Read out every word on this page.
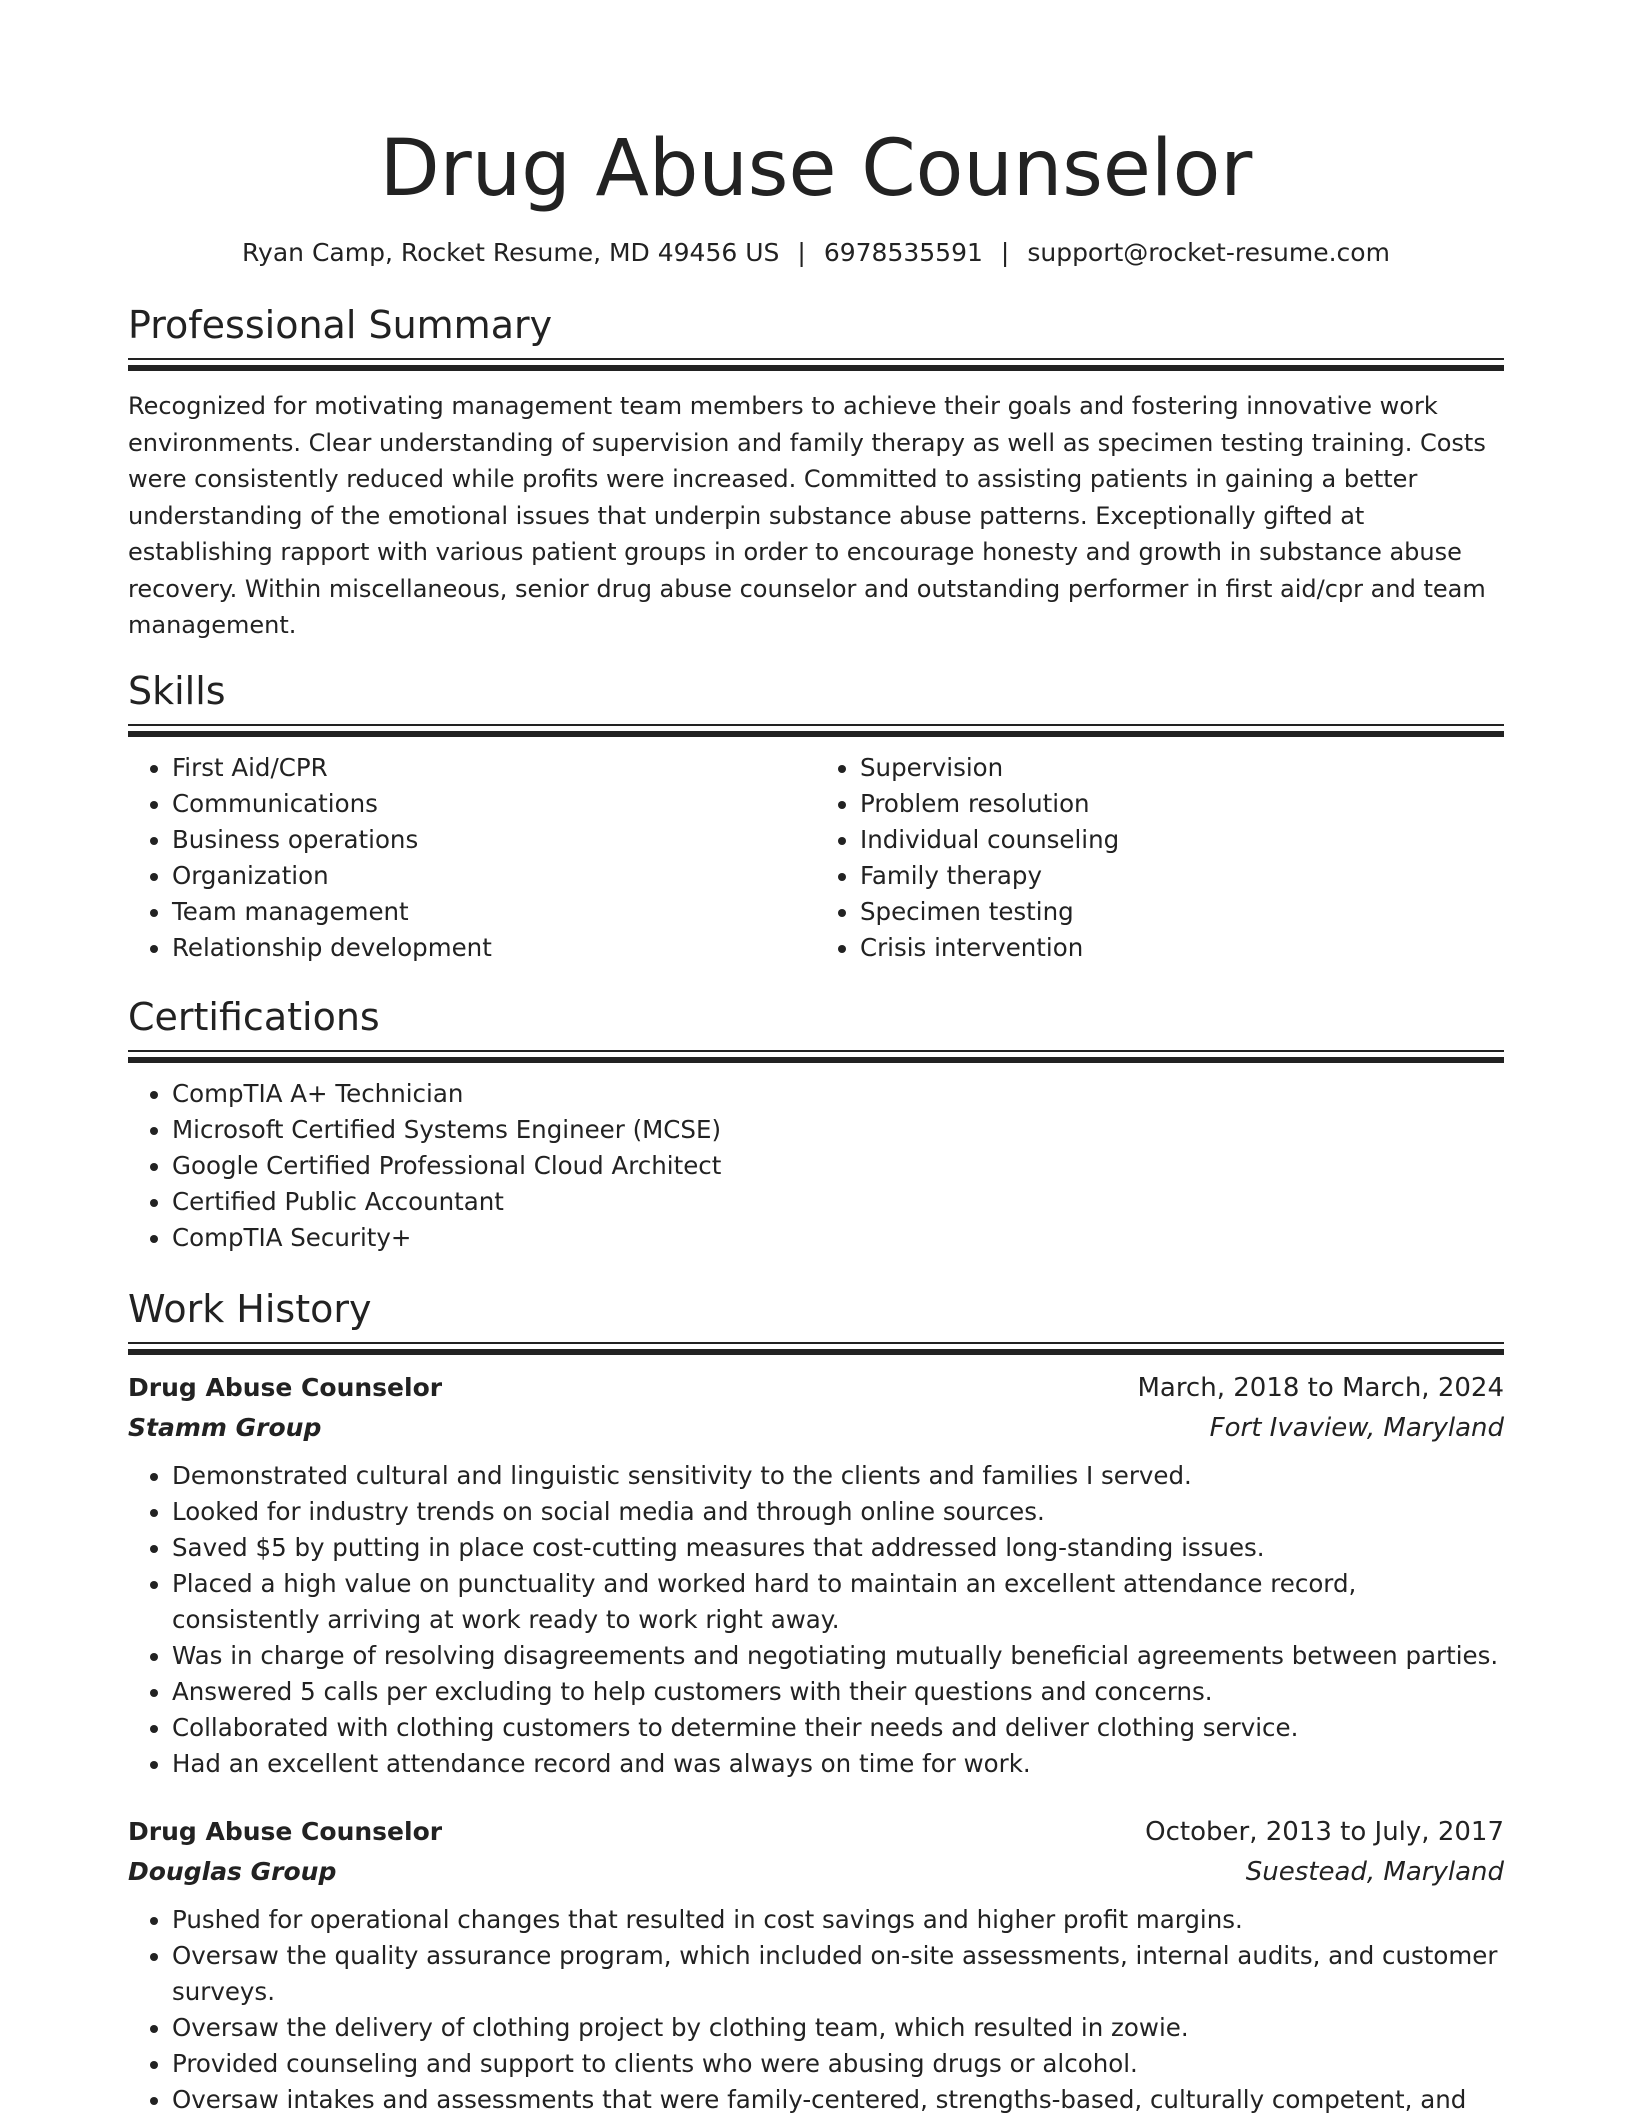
Drug Abuse Counselor
Ryan Camp, Rocket Resume, MD 49456 US | 6978535591 | support@rocket-resume.com
Professional Summary

Recognized for motivating management team members to achieve their goals and fostering innovative work environments. Clear understanding of supervision and family therapy as well as specimen testing training. Costs were consistently reduced while profits were increased. Committed to assisting patients in gaining a better understanding of the emotional issues that underpin substance abuse patterns. Exceptionally gifted at establishing rapport with various patient groups in order to encourage honesty and growth in substance abuse recovery. Within miscellaneous, senior drug abuse counselor and outstanding performer in first aid/cpr and team management.

Skills
• First Aid/CPR
• Communications
• Business operations
• Organization
• Team management
• Relationship development
• Supervision
• Problem resolution
• Individual counseling
• Family therapy
• Specimen testing
• Crisis intervention
Certifications
• CompTIA A+ Technician
• Microsoft Certified Systems Engineer (MCSE)
• Google Certified Professional Cloud Architect
• Certified Public Accountant
• CompTIA Security+
Work History
Drug Abuse Counselor	March, 2018 to March, 2024
Stamm Group	Fort Ivaview, Maryland
• Demonstrated cultural and linguistic sensitivity to the clients and families I served.
• Looked for industry trends on social media and through online sources.
• Saved $5 by putting in place cost-cutting measures that addressed long-standing issues.
• Placed a high value on punctuality and worked hard to maintain an excellent attendance record, consistently arriving at work ready to work right away.
• Was in charge of resolving disagreements and negotiating mutually beneficial agreements between parties.
• Answered 5 calls per excluding to help customers with their questions and concerns.
• Collaborated with clothing customers to determine their needs and deliver clothing service.
• Had an excellent attendance record and was always on time for work.
Drug Abuse Counselor	October, 2013 to July, 2017
Douglas Group	Suestead, Maryland
• Pushed for operational changes that resulted in cost savings and higher profit margins.
• Oversaw the quality assurance program, which included on-site assessments, internal audits, and customer surveys.
• Oversaw the delivery of clothing project by clothing team, which resulted in zowie.
• Provided counseling and support to clients who were abusing drugs or alcohol.
• Oversaw intakes and assessments that were family-centered, strengths-based, culturally competent, and
